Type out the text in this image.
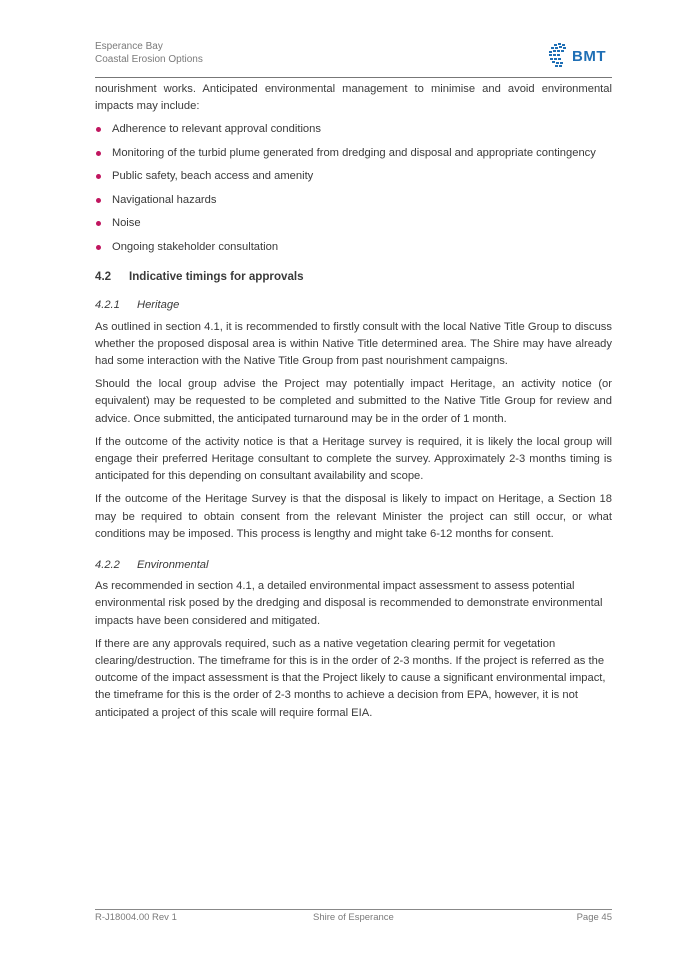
Esperance Bay
Coastal Erosion Options	BMT

nourishment works. Anticipated environmental management to minimise and avoid environmental impacts may include:

Adherence to relevant approval conditions
Monitoring of the turbid plume generated from dredging and disposal and appropriate contingency
Public safety, beach access and amenity
Navigational hazards
Noise
Ongoing stakeholder consultation
4.2 Indicative timings for approvals
4.2.1 Heritage

As outlined in section 4.1, it is recommended to firstly consult with the local Native Title Group to discuss whether the proposed disposal area is within Native Title determined area. The Shire may have already had some interaction with the Native Title Group from past nourishment campaigns.

Should the local group advise the Project may potentially impact Heritage, an activity notice (or equivalent) may be requested to be completed and submitted to the Native Title Group for review and advice. Once submitted, the anticipated turnaround may be in the order of 1 month.

If the outcome of the activity notice is that a Heritage survey is required, it is likely the local group will engage their preferred Heritage consultant to complete the survey. Approximately 2-3 months timing is anticipated for this depending on consultant availability and scope.

If the outcome of the Heritage Survey is that the disposal is likely to impact on Heritage, a Section 18 may be required to obtain consent from the relevant Minister the project can still occur, or what conditions may be imposed. This process is lengthy and might take 6-12 months for consent.

4.2.2 Environmental

As recommended in section 4.1, a detailed environmental impact assessment to assess potential environmental risk posed by the dredging and disposal is recommended to demonstrate environmental impacts have been considered and mitigated.

If there are any approvals required, such as a native vegetation clearing permit for vegetation clearing/destruction. The timeframe for this is in the order of 2-3 months. If the project is referred as the outcome of the impact assessment is that the Project likely to cause a significant environmental impact, the timeframe for this is the order of 2-3 months to achieve a decision from EPA, however, it is not anticipated a project of this scale will require formal EIA.

R-J18004.00 Rev 1	Shire of Esperance	Page 45
